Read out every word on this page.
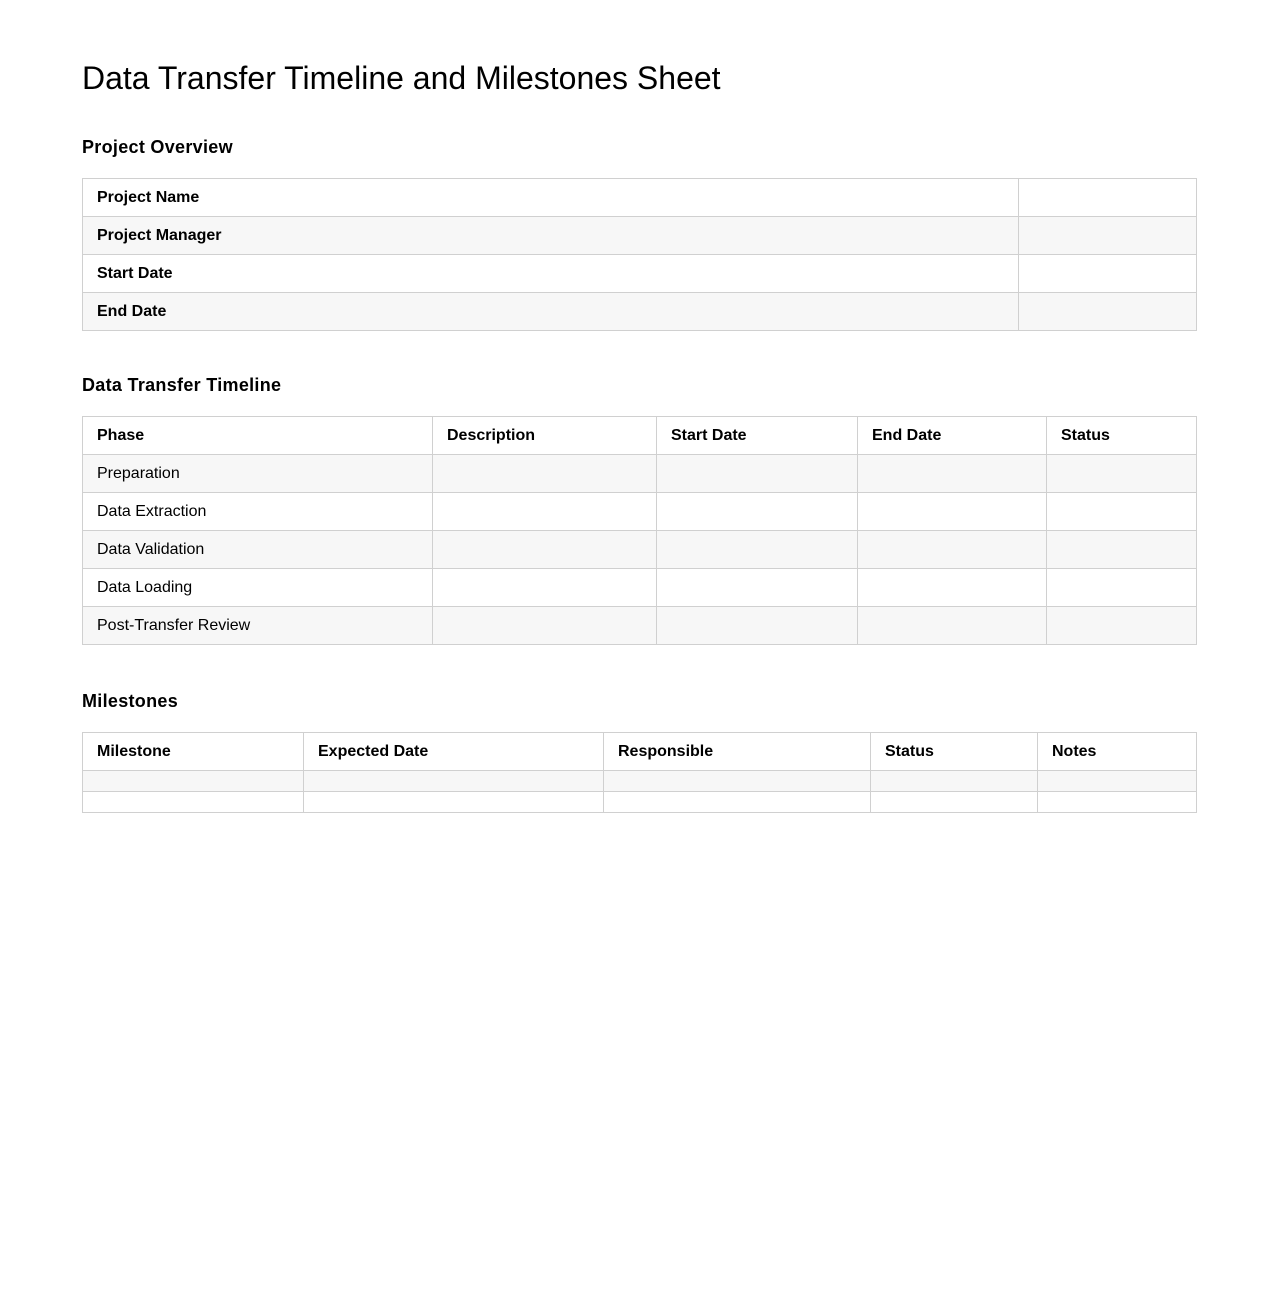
Data Transfer Timeline and Milestones Sheet
Project Overview
Project Name	
Project Manager	
Start Date	
End Date	
Data Transfer Timeline
Phase	Description	Start Date	End Date	Status
Preparation				
Data Extraction				
Data Validation				
Data Loading				
Post-Transfer Review				
Milestones
Milestone	Expected Date	Responsible	Status	Notes
